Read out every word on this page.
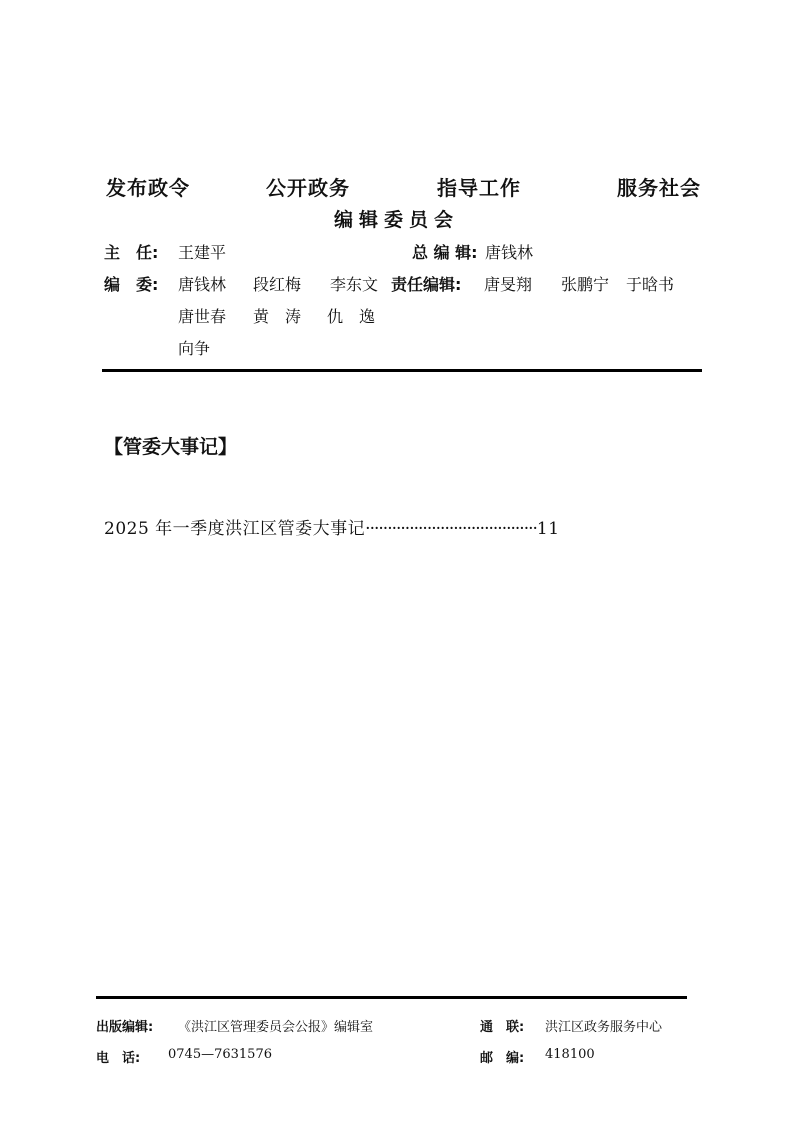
发布政令	公开政务	指导工作	服务社会
编辑委员会
主　任: 王建平	总 编 辑: 唐钱林
编　委: 唐钱林 段红梅 李东文 责任编辑: 唐旻翔 张鹏宁 于晗书
唐世春 黄　涛 仇　逸
向争
【管委大事记】
2025 年一季度洪江区管委大事记·······································11
出版编辑: 《洪江区管理委员会公报》编辑室	通　联: 洪江区政务服务中心
电　话: 0745—7631576	邮　编: 418100
